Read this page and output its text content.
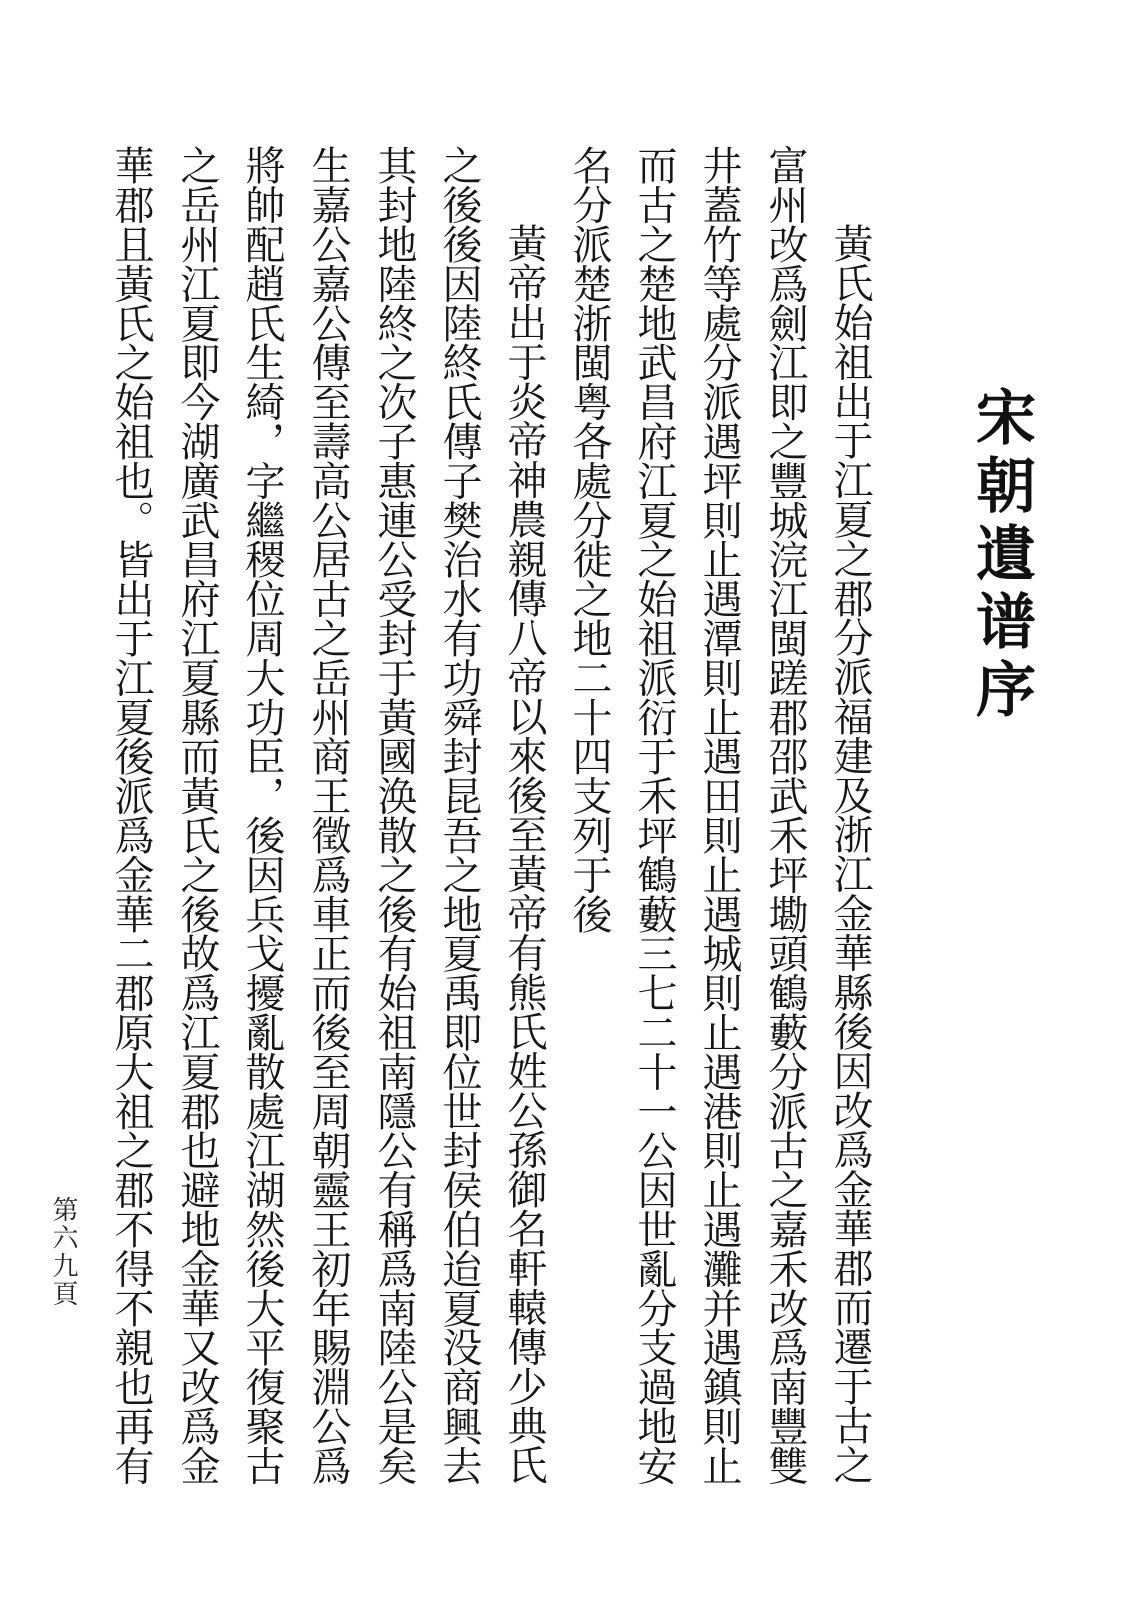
宋朝遺谱序
黃氏始祖出于江夏之郡分派福建及浙江金華縣後因改爲金華郡而遷于古之
富州改爲劍江即之豐城浣江閩蹉郡邵武禾坪墈頭鶴藪分派古之嘉禾改爲南豐雙
井蓋竹等處分派遇坪則止遇潭則止遇田則止遇城則止遇港則止遇灘并遇鎮則止
而古之楚地武昌府江夏之始祖派衍于禾坪鶴藪三七二十一公因世亂分支過地安
名分派楚浙閩粤各處分徙之地二十四支列于後
黃帝出于炎帝神農親傳八帝以來後至黃帝有熊氏姓公孫御名軒轅傳少典氏
之後後因陸終氏傳子樊治水有功舜封昆吾之地夏禹即位世封侯伯迨夏没商興去
其封地陸終之次子惠連公受封于黃國涣散之後有始祖南隱公有稱爲南陸公是矣
生嘉公嘉公傳至壽高公居古之岳州商王徵爲車正而後至周朝靈王初年賜淵公爲
將帥配趙氏生綺，字繼稷位周大功臣，後因兵戈擾亂散處江湖然後大平復聚古
之岳州江夏即今湖廣武昌府江夏縣而黃氏之後故爲江夏郡也避地金華又改爲金
華郡且黃氏之始祖也。皆出于江夏後派爲金華二郡原大祖之郡不得不親也再有
第六九頁
